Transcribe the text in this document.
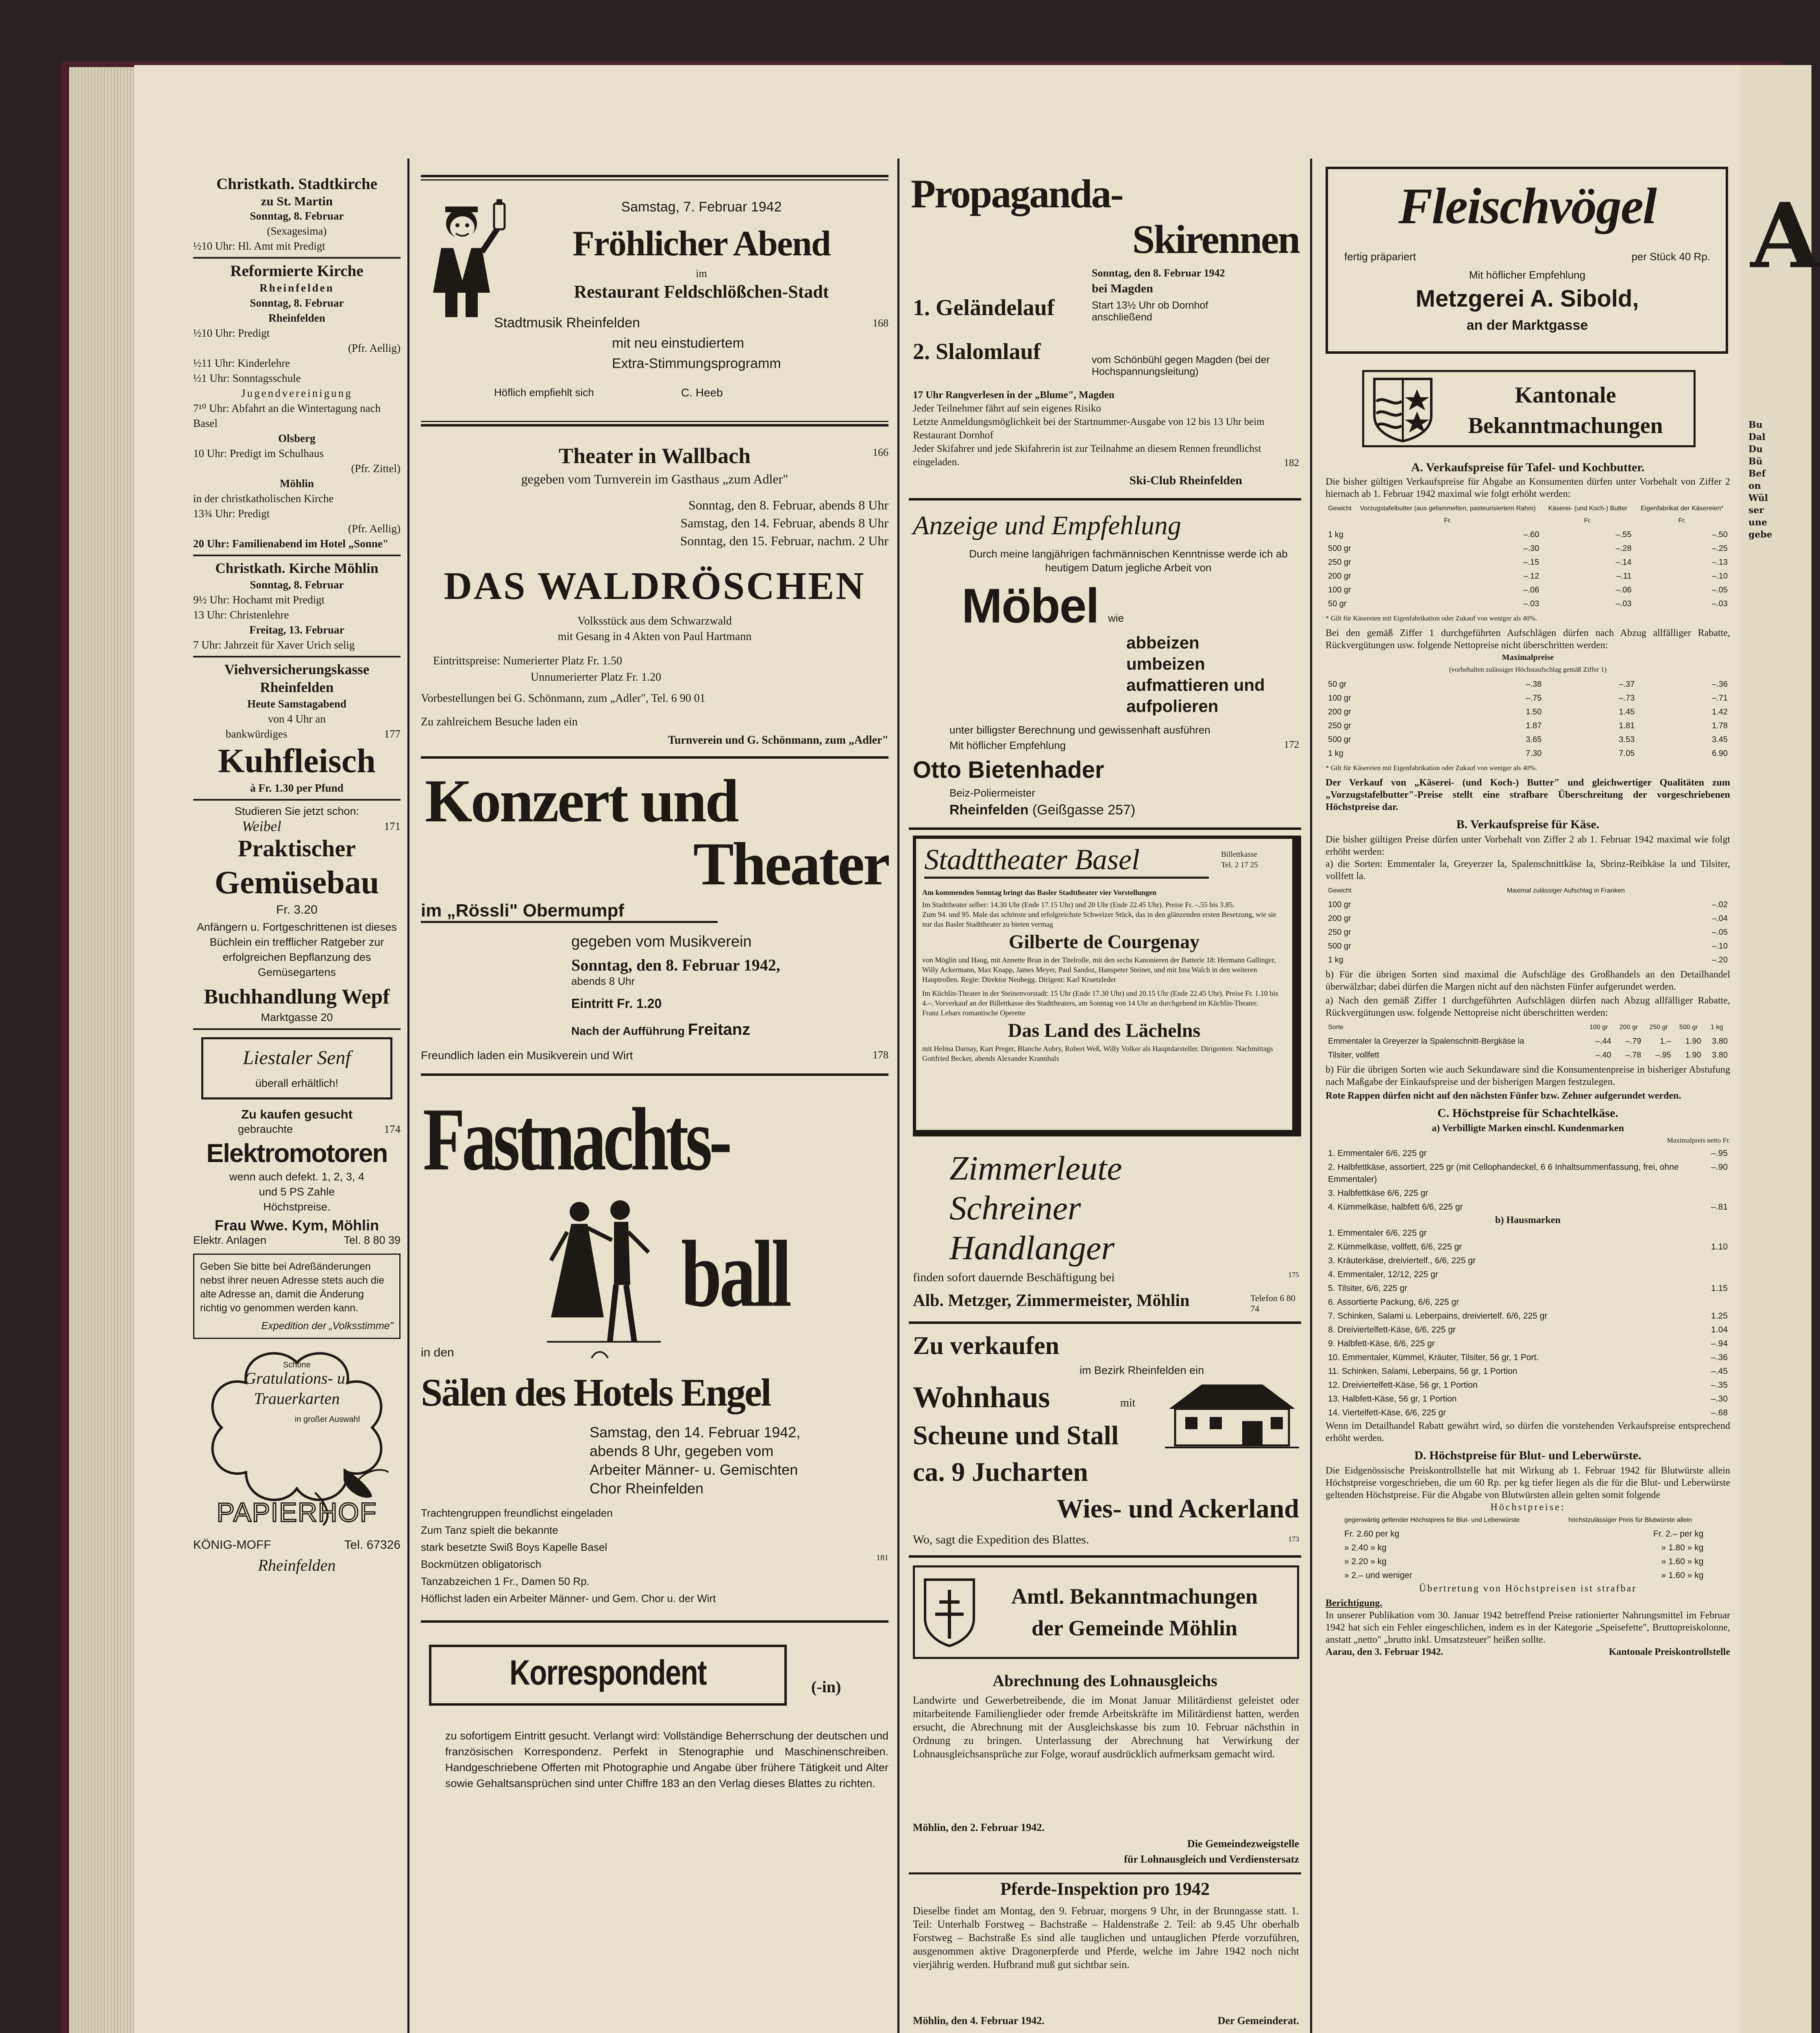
Christkath. Stadtkirche
zu St. Martin
Sonntag, 8. Februar
(Sexagesima)
½10 Uhr: Hl. Amt mit Predigt
Reformierte Kirche
Rheinfelden
Sonntag, 8. Februar
Rheinfelden
½10 Uhr: Predigt
(Pfr. Aellig)
½11 Uhr: Kinderlehre
½1 Uhr: Sonntagsschule
Jugendvereinigung
7¹⁰ Uhr: Abfahrt an die Wintertagung nach Basel
Olsberg
10 Uhr: Predigt im Schulhaus
(Pfr. Zittel)
Möhlin
in der christkatholischen Kirche
13¾ Uhr: Predigt
(Pfr. Aellig)
20 Uhr: Familienabend im Hotel „Sonne"
Christkath. Kirche Möhlin
Sonntag, 8. Februar
9½ Uhr: Hochamt mit Predigt
13 Uhr: Christenlehre
Freitag, 13. Februar
7 Uhr: Jahrzeit für Xaver Urich selig
Viehversicherungskasse Rheinfelden
Heute Samstagabend
von 4 Uhr an
bankwürdiges	177
Kuhfleisch
à Fr. 1.30 per Pfund
Studieren Sie jetzt schon:
Weibel	171
Praktischer
Gemüsebau
Fr. 3.20
Anfängern u. Fortgeschrittenen ist dieses Büchlein ein trefflicher Ratgeber zur erfolgreichen Bepflanzung des Gemüsegartens
Buchhandlung Wepf
Marktgasse 20
Liestaler Senf
überall erhältlich!
Zu kaufen gesucht
gebrauchte	174
Elektromotoren
wenn auch defekt. 1, 2, 3, 4 und 5 PS Zahle Höchstpreise.
Frau Wwe. Kym, Möhlin
Elektr. Anlagen	Tel. 8 80 39
Geben Sie bitte bei Adreßänderungen nebst ihrer neuen Adresse stets auch die alte Adresse an, damit die Änderung richtig vo genommen werden kann.
Expedition der „Volksstimme"
Schöne
Gratulations- u.
Trauerkarten
in großer Auswahl
PAPIERHOF
KÖNIG-MOFF	Tel. 67326
Rheinfelden
Samstag, 7. Februar 1942
Fröhlicher Abend
im
Restaurant Feldschlößchen-Stadt
Stadtmusik Rheinfelden	168
mit neu einstudiertem
Extra-Stimmungsprogramm
Höflich empfiehlt sich	C. Heeb
Theater in Wallbach	166
gegeben vom Turnverein im Gasthaus „zum Adler"
Sonntag, den 8. Februar, abends 8 Uhr
Samstag, den 14. Februar, abends 8 Uhr
Sonntag, den 15. Februar, nachm. 2 Uhr
DAS WALDRÖSCHEN
Volksstück aus dem Schwarzwald
mit Gesang in 4 Akten von Paul Hartmann
Eintrittspreise: Numerierter Platz Fr. 1.50
Unnumerierter Platz Fr. 1.20
Vorbestellungen bei G. Schönmann, zum „Adler", Tel. 6 90 01
Zu zahlreichem Besuche laden ein
Turnverein und G. Schönmann, zum „Adler"
Konzert und
Theater
im „Rössli" Obermumpf
gegeben vom Musikverein
Sonntag, den 8. Februar 1942,
abends 8 Uhr
Eintritt Fr. 1.20
Nach der Aufführung Freitanz
Freundlich laden ein Musikverein und Wirt	178
Fastnachts-
ball
in den
Sälen des Hotels Engel
Samstag, den 14. Februar 1942,
abends 8 Uhr, gegeben vom
Arbeiter Männer- u. Gemischten
Chor Rheinfelden
Trachtengruppen freundlichst eingeladen
Zum Tanz spielt die bekannte
stark besetzte Swiß Boys Kapelle Basel
Bockmützen obligatorisch
Tanzabzeichen 1 Fr., Damen 50 Rp.
Höflichst laden ein Arbeiter Männer- und Gem. Chor u. der Wirt
181
Korrespondent	(-in)
zu sofortigem Eintritt gesucht. Verlangt wird: Vollständige Beherrschung der deutschen und französischen Korrespondenz. Perfekt in Stenographie und Maschinenschreiben. Handgeschriebene Offerten mit Photographie und Angabe über frühere Tätigkeit und Alter sowie Gehaltsansprüchen sind unter Chiffre 183 an den Verlag dieses Blattes zu richten.
Propaganda-
Skirennen
Sonntag, den 8. Februar 1942
bei Magden
1. Geländelauf	Start 13½ Uhr ob Dornhof anschließend
2. Slalomlauf	vom Schönbühl gegen Magden (bei der Hochspannungsleitung)
17 Uhr Rangverlesen in der „Blume", Magden
Jeder Teilnehmer fährt auf sein eigenes Risiko
Letzte Anmeldungsmöglichkeit bei der Startnummer-Ausgabe von 12 bis 13 Uhr beim Restaurant Dornhof
Jeder Skifahrer und jede Skifahrerin ist zur Teilnahme an diesem Rennen freundlichst eingeladen.	182
Ski-Club Rheinfelden
Anzeige und Empfehlung
Durch meine langjährigen fachmännischen Kenntnisse werde ich ab heutigem Datum jegliche Arbeit von
Möbel wie
abbeizen
umbeizen
aufmattieren und
aufpolieren
unter billigster Berechnung und gewissenhaft ausführen
Mit höflicher Empfehlung	172
Otto Bietenhader
Beiz-Poliermeister
Rheinfelden (Geißgasse 257)
Stadttheater Basel	Billettkasse
Tel. 2 17 25
Am kommenden Sonntag bringt das Basler Stadttheater vier Vorstellungen
Im Stadttheater selber: 14.30 Uhr (Ende 17.15 Uhr) und 20 Uhr (Ende 22.45 Uhr). Preise Fr. –.55 bis 3.85.
Zum 94. und 95. Male das schönste und erfolgreichste Schweizer Stück, das in den glänzenden ersten Besetzung, wie sie nur das Basler Stadttheater zu bieten vermag
Gilberte de Courgenay
von Möglin und Haug, mit Annette Brun in der Titelrolle, mit den sechs Kanonieren der Batterie 18: Hermann Gallinger, Willy Ackermann, Max Knapp, James Meyer, Paul Sandoz, Hanspeter Steiner, und mit Ima Walch in den weiteren Hauptrollen. Regie: Direktor Neubegg. Dirigent: Karl Kruetzleder
Im Küchlin-Theater in der Steinenvorstadt: 15 Uhr (Ende 17.30 Uhr) und 20.15 Uhr (Ende 22.45 Uhr). Preise Fr. 1.10 bis 4.–. Vorverkauf an der Billettkasse des Stadttheaters, am Sonntag von 14 Uhr an durchgehend im Küchlin-Theater.
Franz Lehars romantische Operette
Das Land des Lächelns
mit Helma Darnay, Kurt Preger, Blanche Aubry, Robert Weß, Willy Volker als Hauptdarsteller. Dirigenten: Nachmittags Gottfried Becker, abends Alexander Krannhals
Zimmerleute
Schreiner
Handlanger
finden sofort dauernde Beschäftigung bei	175
Alb. Metzger, Zimmermeister, Möhlin	Telefon 6 80 74
Zu verkaufen
im Bezirk Rheinfelden ein
Wohnhaus	mit
Scheune und Stall
ca. 9 Jucharten
Wies- und Ackerland
Wo, sagt die Expedition des Blattes.	173
Amtl. Bekanntmachungen
der Gemeinde Möhlin
Abrechnung des Lohnausgleichs
Landwirte und Gewerbetreibende, die im Monat Januar Militärdienst geleistet oder mitarbeitende Familienglieder oder fremde Arbeitskräfte im Militärdienst hatten, werden ersucht, die Abrechnung mit der Ausgleichskasse bis zum 10. Februar nächsthin in Ordnung zu bringen. Unterlassung der Abrechnung hat Verwirkung der Lohnausgleichsansprüche zur Folge, worauf ausdrücklich aufmerksam gemacht wird.
Möhlin, den 2. Februar 1942.
Die Gemeindezweigstelle
für Lohnausgleich und Verdienstersatz
Pferde-Inspektion pro 1942
Dieselbe findet am Montag, den 9. Februar, morgens 9 Uhr, in der Brunngasse statt. 1. Teil: Unterhalb Forstweg – Bachstraße – Haldenstraße 2. Teil: ab 9.45 Uhr oberhalb Forstweg – Bachstraße Es sind alle tauglichen und untauglichen Pferde vorzuführen, ausgenommen aktive Dragonerpferde und Pferde, welche im Jahre 1942 noch nicht vierjährig werden. Hufbrand muß gut sichtbar sein.
Möhlin, den 4. Februar 1942.	Der Gemeinderat.
Fleischvögel
fertig präpariert	per Stück 40 Rp.
Mit höflicher Empfehlung
Metzgerei A. Sibold,
an der Marktgasse
Kantonale
Bekanntmachungen
A. Verkaufspreise für Tafel- und Kochbutter.
Die bisher gültigen Verkaufspreise für Abgabe an Konsumenten dürfen unter Vorbehalt von Ziffer 2 hiernach ab 1. Februar 1942 maximal wie folgt erhöht werden:
Gewicht	Vorzugstafelbutter (aus gefammelten, pasteurisiertem Rahm) Fr.	Käserei- (und Koch-) Butter Fr.	Eigenfabrikat der Käsereien* Fr.
1 kg	–.60	–.55	–.50
500 gr	–.30	–.28	–.25
250 gr	–.15	–.14	–.13
200 gr	–.12	–.11	–.10
100 gr	–.06	–.06	–.05
50 gr	–.03	–.03	–.03
* Gilt für Käsereien mit Eigenfabrikation oder Zukauf von weniger als 40%.
Bei den gemäß Ziffer 1 durchgeführten Aufschlägen dürfen nach Abzug allfälliger Rabatte, Rückvergütungen usw. folgende Nettopreise nicht überschritten werden:
Maximalpreise
(vorbehalten zulässiger Höchstaufschlag gemäß Ziffer 1)
50 gr	–.38	–.37	–.36
100 gr	–.75	–.73	–.71
200 gr	1.50	1.45	1.42
250 gr	1.87	1.81	1.78
500 gr	3.65	3.53	3.45
1 kg	7.30	7.05	6.90
* Gilt für Käsereien mit Eigenfabrikation oder Zukauf von weniger als 40%.
Der Verkauf von „Käserei- (und Koch-) Butter" und gleichwertiger Qualitäten zum „Vorzugstafelbutter"-Preise stellt eine strafbare Überschreitung der vorgeschriebenen Höchstpreise dar.
B. Verkaufspreise für Käse.
Die bisher gültigen Preise dürfen unter Vorbehalt von Ziffer 2 ab 1. Februar 1942 maximal wie folgt erhöht werden:
a) die Sorten: Emmentaler la, Greyerzer la, Spalenschnittkäse la, Sbrinz-Reibkäse la und Tilsiter, vollfett la.
Gewicht	Maximal zulässiger Aufschlag in Franken
100 gr	–.02
200 gr	–.04
250 gr	–.05
500 gr	–.10
1 kg	–.20
b) Für die übrigen Sorten sind maximal die Aufschläge des Großhandels an den Detailhandel überwälzbar; dabei dürfen die Margen nicht auf den nächsten Fünfer aufgerundet werden.
a) Nach den gemäß Ziffer 1 durchgeführten Aufschlägen dürfen nach Abzug allfälliger Rabatte, Rückvergütungen usw. folgende Nettopreise nicht überschritten werden:
Sorte	100 gr	200 gr	250 gr	500 gr	1 kg
Emmentaler la Greyerzer la Spalenschnitt-Bergkäse la	–.44	–.79	1.–	1.90	3.80
Tilsiter, vollfett	–.40	–.78	–.95	1.90	3.80
b) Für die übrigen Sorten wie auch Sekundaware sind die Konsumentenpreise in bisheriger Abstufung nach Maßgabe der Einkaufspreise und der bisherigen Margen festzulegen.
Rote Rappen dürfen nicht auf den nächsten Fünfer bzw. Zehner aufgerundet werden.
C. Höchstpreise für Schachtelkäse.
a) Verbilligte Marken einschl. Kundenmarken
Maximalpreis netto Fr.
1. Emmentaler 6/6, 225 gr	–.95
2. Halbfettkäse, assortiert, 225 gr (mit Cellophandeckel, 6 6 Inhaltsummenfassung, frei, ohne Emmentaler)	–.90
3. Halbfettkäse 6/6, 225 gr	
4. Kümmelkäse, halbfett 6/6, 225 gr	–.81
b) Hausmarken
1. Emmentaler 6/6, 225 gr	
2. Kümmelkäse, vollfett, 6/6, 225 gr	1.10
3. Kräuterkäse, dreiviertelf., 6/6, 225 gr	
4. Emmentaler, 12/12, 225 gr	
5. Tilsiter, 6/6, 225 gr	1.15
6. Assortierte Packung, 6/6, 225 gr	
7. Schinken, Salami u. Leberpains, dreiviertelf. 6/6, 225 gr	1.25
8. Dreiviertelfett-Käse, 6/6, 225 gr	1.04
9. Halbfett-Käse, 6/6, 225 gr	–.94
10. Emmentaler, Kümmel, Kräuter, Tilsiter, 56 gr, 1 Port.	–.36
11. Schinken, Salami, Leberpains, 56 gr, 1 Portion	–.45
12. Dreiviertelfett-Käse, 56 gr, 1 Portion	–.35
13. Halbfett-Käse, 56 gr, 1 Portion	–.30
14. Viertelfett-Käse, 6/6, 225 gr	–.68
Wenn im Detailhandel Rabatt gewährt wird, so dürfen die vorstehenden Verkaufspreise entsprechend erhöht werden.
D. Höchstpreise für Blut- und Leberwürste.
Die Eidgenössische Preiskontrollstelle hat mit Wirkung ab 1. Februar 1942 für Blutwürste allein Höchstpreise vorgeschrieben, die um 60 Rp. per kg tiefer liegen als die für die Blut- und Leberwürste geltenden Höchstpreise. Für die Abgabe von Blutwürsten allein gelten somit folgende
Höchstpreise:
gegenwärtig geltender Höchstpreis für Blut- und Leberwürste	höchstzulässiger Preis für Blutwürste allein
Fr. 2.60 per kg	Fr. 2.– per kg
» 2.40 » kg	» 1.80 » kg
» 2.20 » kg	» 1.60 » kg
» 2.– und weniger	» 1.60 » kg
Übertretung von Höchstpreisen ist strafbar
Berichtigung.
In unserer Publikation vom 30. Januar 1942 betreffend Preise rationierter Nahrungsmittel im Februar 1942 hat sich ein Fehler eingeschlichen, indem es in der Kategorie „Speisefette", Bruttopreiskolonne, anstatt „netto" „brutto inkl. Umsatzsteuer" heißen sollte.
Aarau, den 3. Februar 1942.	Kantonale Preiskontrollstelle
A
Bu
Dal
Du
Bü
Bef
on
Wül
ser
une
gebe
